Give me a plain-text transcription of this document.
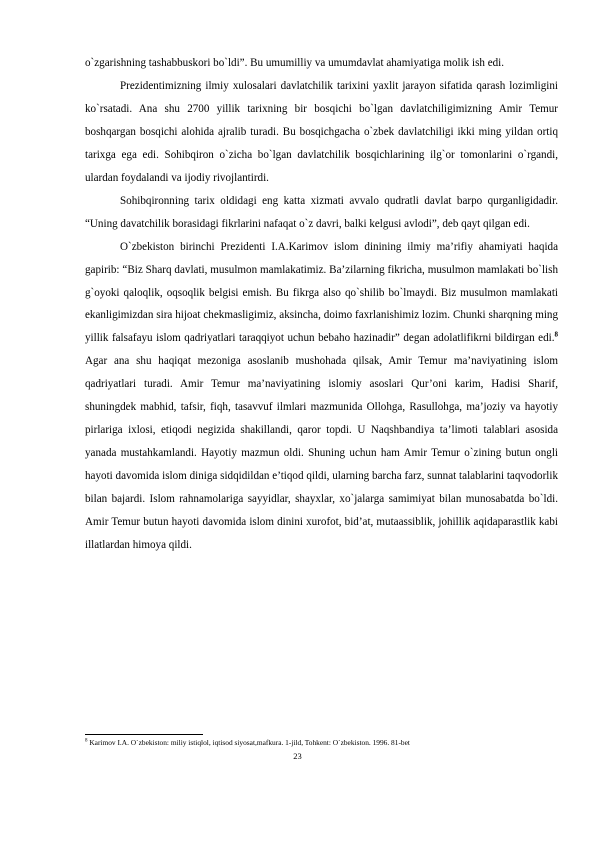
o`zgarishning tashabbuskori bo`ldi”. Bu umumilliy va umumdavlat ahamiyatiga molik ish edi.

Prezidentimizning ilmiy xulosalari davlatchilik tarixini yaxlit jarayon sifatida qarash lozimligini ko`rsatadi. Ana shu 2700 yillik tarixning bir bosqichi bo`lgan davlatchiligimizning Amir Temur boshqargan bosqichi alohida ajralib turadi. Bu bosqichgacha o`zbek davlatchiligi ikki ming yildan ortiq tarixga ega edi. Sohibqiron o`zicha bo`lgan davlatchilik bosqichlarining ilg`or tomonlarini o`rgandi, ulardan foydalandi va ijodiy rivojlantirdi.

Sohibqironning tarix oldidagi eng katta xizmati avvalo qudratli davlat barpo qurganligidadir. “Uning davatchilik borasidagi fikrlarini nafaqat o`z davri, balki kelgusi avlodi”, deb qayt qilgan edi.

O`zbekiston birinchi Prezidenti I.A.Karimov islom dinining ilmiy ma’rifiy ahamiyati haqida gapirib: “Biz Sharq davlati, musulmon mamlakatimiz. Ba’zilarning fikricha, musulmon mamlakati bo`lish g`oyoki qaloqlik, oqsoqlik belgisi emish. Bu fikrga also qo`shilib bo`lmaydi. Biz musulmon mamlakati ekanligimizdan sira hijoat chekmasligimiz, aksincha, doimo faxrlanishimiz lozim. Chunki sharqning ming yillik falsafayu islom qadriyatlari taraqqiyot uchun bebaho hazinadir” degan adolatlifikrni bildirgan edi.$^8$ Agar ana shu haqiqat mezoniga asoslanib mushohada qilsak, Amir Temur ma’naviyatining islom qadriyatlari turadi. Amir Temur ma’naviyatining islomiy asoslari Qur’oni karim, Hadisi Sharif, shuningdek mabhid, tafsir, fiqh, tasavvuf ilmlari mazmunida Ollohga, Rasullohga, ma’joziy va hayotiy pirlariga ixlosi, etiqodi negizida shakillandi, qaror topdi. U Naqshbandiya ta’limoti talablari asosida yanada mustahkamlandi. Hayotiy mazmun oldi. Shuning uchun ham Amir Temur o`zining butun ongli hayoti davomida islom diniga sidqidildan e’tiqod qildi, ularning barcha farz, sunnat talablarini taqvodorlik bilan bajardi. Islom rahnamolariga sayyidlar, shayxlar, xo`jalarga samimiyat bilan munosabatda bo`ldi. Amir Temur butun hayoti davomida islom dinini xurofot, bid’at, mutaassiblik, johillik aqidaparastlik kabi illatlardan himoya qildi.

$^8$ Karimov I.A. O`zbekiston: miliy istiqlol, iqtisod siyosat,mafkura. 1-jild, Tohkent: O`zbekiston. 1996. 81-bet
23
